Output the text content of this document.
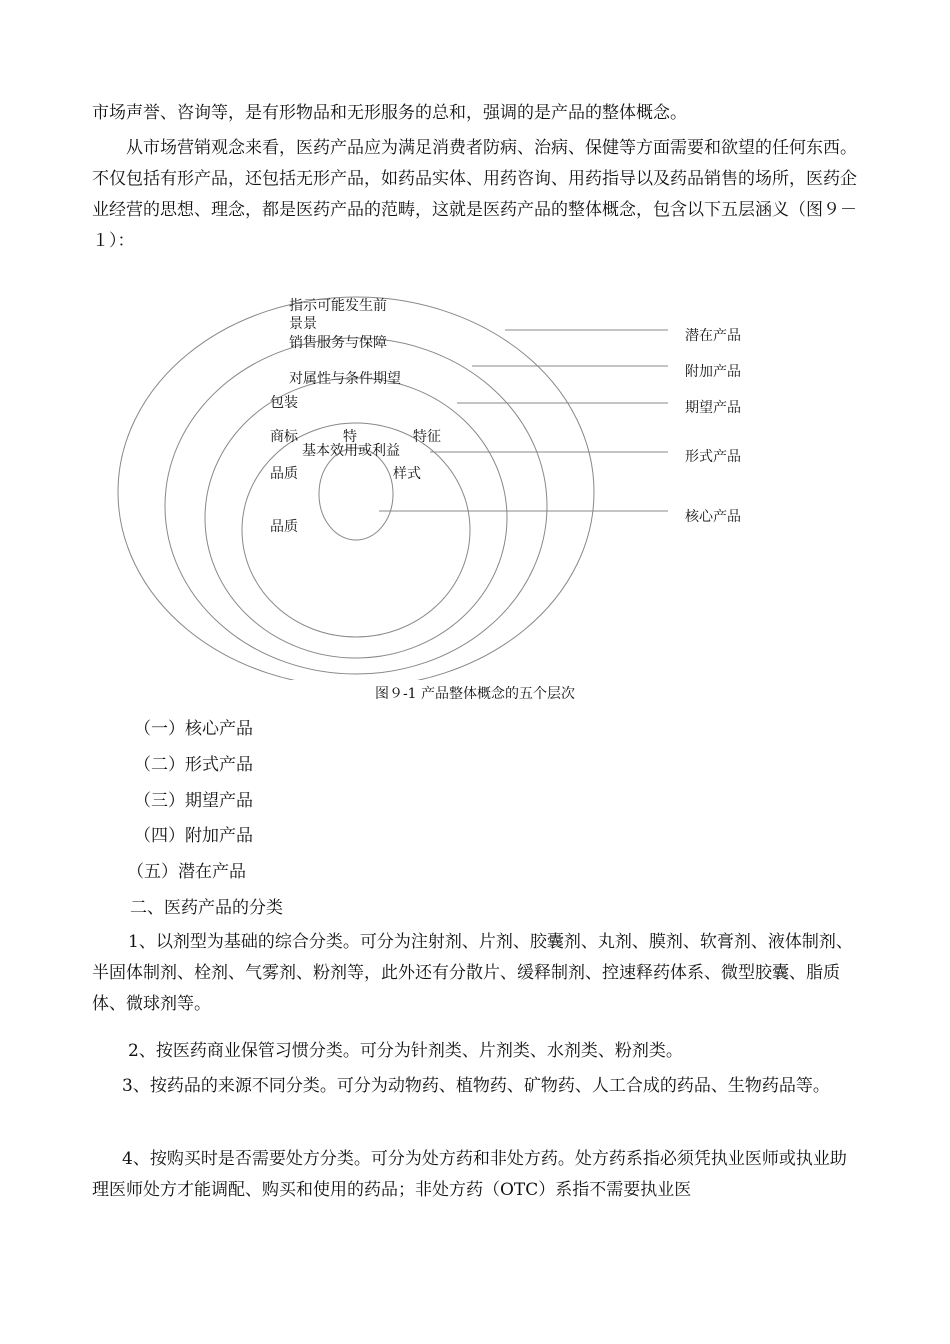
市场声誉、咨询等，是有形物品和无形服务的总和，强调的是产品的整体概念。

从市场营销观念来看，医药产品应为满足消费者防病、治病、保健等方面需要和欲望的任何东西。不仅包括有形产品，还包括无形产品，如药品实体、用药咨询、用药指导以及药品销售的场所，医药企业经营的思想、理念，都是医药产品的范畴，这就是医药产品的整体概念，包含以下五层涵义（图９－１）：

指示可能发生前
景景
销售服务与保障
对属性与条件期望
包装
商标	特	特征
基本效用或利益
品质	样式
品质
潜在产品
附加产品
期望产品
形式产品
核心产品
图９-1 产品整体概念的五个层次
（一）核心产品
（二）形式产品
（三）期望产品
（四）附加产品
（五）潜在产品
二、医药产品的分类

1、以剂型为基础的综合分类。可分为注射剂、片剂、胶囊剂、丸剂、膜剂、软膏剂、液体制剂、半固体制剂、栓剂、气雾剂、粉剂等，此外还有分散片、缓释制剂、控速释药体系、微型胶囊、脂质体、微球剂等。

2、按医药商业保管习惯分类。可分为针剂类、片剂类、水剂类、粉剂类。

3、按药品的来源不同分类。可分为动物药、植物药、矿物药、人工合成的药品、生物药品等。

4、按购买时是否需要处方分类。可分为处方药和非处方药。处方药系指必须凭执业医师或执业助理医师处方才能调配、购买和使用的药品；非处方药（OTC）系指不需要执业医
